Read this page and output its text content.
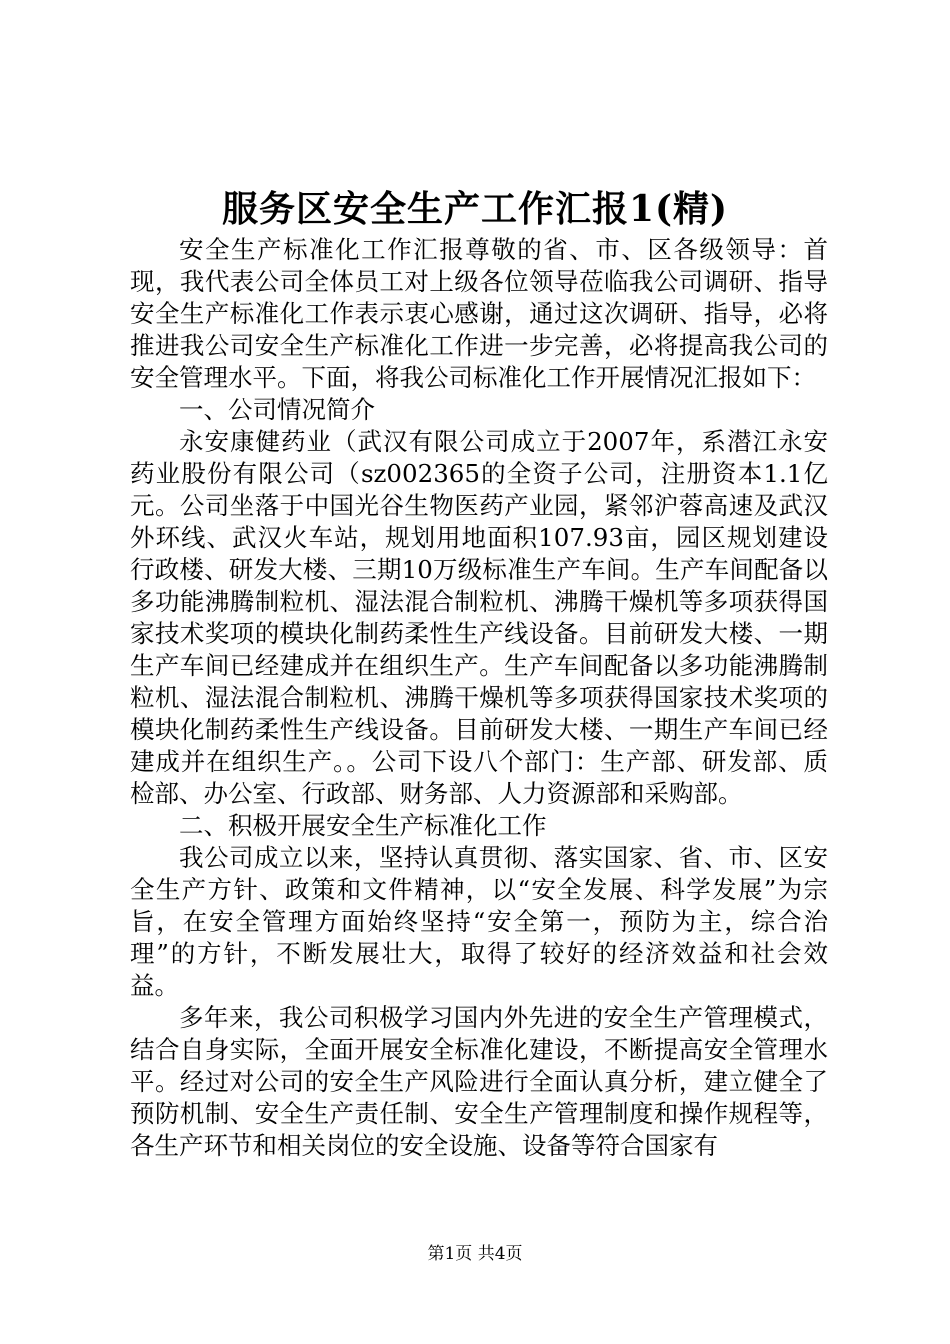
服务区安全生产工作汇报1(精)

安全生产标准化工作汇报尊敬的省、市、区各级领导：首现，我代表公司全体员工对上级各位领导莅临我公司调研、指导安全生产标准化工作表示衷心感谢，通过这次调研、指导，必将推进我公司安全生产标准化工作进一步完善，必将提高我公司的安全管理水平。下面，将我公司标准化工作开展情况汇报如下：

一、公司情况简介

永安康健药业（武汉有限公司成立于2007年，系潜江永安药业股份有限公司（sz002365的全资子公司，注册资本1.1亿元。公司坐落于中国光谷生物医药产业园，紧邻沪蓉高速及武汉外环线、武汉火车站，规划用地面积107.93亩，园区规划建设行政楼、研发大楼、三期10万级标准生产车间。生产车间配备以多功能沸腾制粒机、湿法混合制粒机、沸腾干燥机等多项获得国家技术奖项的模块化制药柔性生产线设备。目前研发大楼、一期生产车间已经建成并在组织生产。生产车间配备以多功能沸腾制粒机、湿法混合制粒机、沸腾干燥机等多项获得国家技术奖项的模块化制药柔性生产线设备。目前研发大楼、一期生产车间已经建成并在组织生产。。公司下设八个部门：生产部、研发部、质检部、办公室、行政部、财务部、人力资源部和采购部。

二、积极开展安全生产标准化工作

我公司成立以来，坚持认真贯彻、落实国家、省、市、区安全生产方针、政策和文件精神，以“安全发展、科学发展”为宗旨，在安全管理方面始终坚持“安全第一，预防为主，综合治理”的方针，不断发展壮大，取得了较好的经济效益和社会效益。

多年来，我公司积极学习国内外先进的安全生产管理模式，结合自身实际，全面开展安全标准化建设，不断提高安全管理水平。经过对公司的安全生产风险进行全面认真分析，建立健全了预防机制、安全生产责任制、安全生产管理制度和操作规程等，各生产环节和相关岗位的安全设施、设备等符合国家有

第1页 共4页
